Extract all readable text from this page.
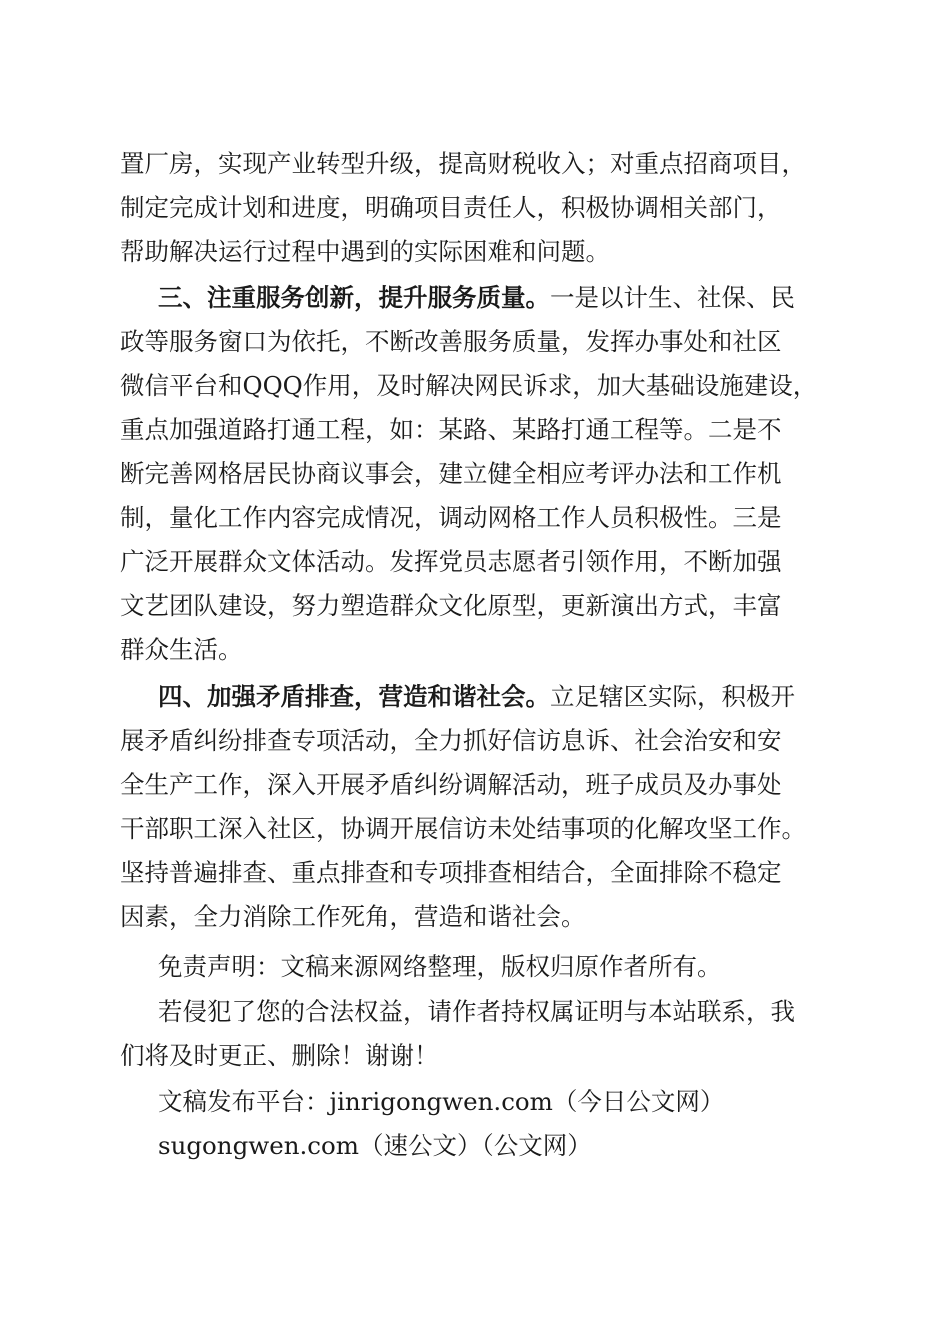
置厂房，实现产业转型升级，提高财税收入；对重点招商项目，
制定完成计划和进度，明确项目责任人，积极协调相关部门，
帮助解决运行过程中遇到的实际困难和问题。
三、注重服务创新，提升服务质量。一是以计生、社保、民
政等服务窗口为依托，不断改善服务质量，发挥办事处和社区
微信平台和QQQ作用，及时解决网民诉求，加大基础设施建设，
重点加强道路打通工程，如：某路、某路打通工程等。二是不
断完善网格居民协商议事会，建立健全相应考评办法和工作机
制，量化工作内容完成情况，调动网格工作人员积极性。三是
广泛开展群众文体活动。发挥党员志愿者引领作用，不断加强
文艺团队建设，努力塑造群众文化原型，更新演出方式，丰富
群众生活。
四、加强矛盾排查，营造和谐社会。立足辖区实际，积极开
展矛盾纠纷排查专项活动，全力抓好信访息诉、社会治安和安
全生产工作，深入开展矛盾纠纷调解活动，班子成员及办事处
干部职工深入社区，协调开展信访未处结事项的化解攻坚工作。
坚持普遍排查、重点排查和专项排查相结合，全面排除不稳定
因素，全力消除工作死角，营造和谐社会。
免责声明：文稿来源网络整理，版权归原作者所有。
若侵犯了您的合法权益，请作者持权属证明与本站联系，我
们将及时更正、删除！谢谢！
文稿发布平台：jinrigongwen.com（今日公文网）
sugongwen.com（速公文）（公文网）
